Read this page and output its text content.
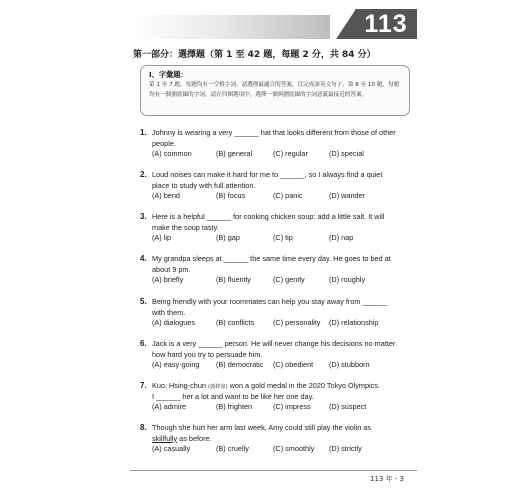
113
第一部分：選擇題（第 1 至 42 題，每題 2 分，共 84 分）
I、字彙題：
第 1 至 7 題，每題均有一空格字詞。請選擇最適合的答案，以完成該英文句子。第 8 至 10 題，每題均有一個劃底線的字詞。請在四個選項中，選擇一個與劃底線的字詞意義最接近的答案。
1. Johnny is wearing a very ______ hat that looks different from those of other
people.
(A) common	(B) general	(C) regular	(D) special
2. Loud noises can make it hard for me to ______, so I always find a quiet
place to study with full attention.
(A) bend	(B) focus	(C) panic	(D) wander
3. Here is a helpful ______ for cooking chicken soup: add a little salt. It will
make the soup tasty.
(A) lip	(B) gap	(C) tip	(D) nap
4. My grandpa sleeps at ______ the same time every day. He goes to bed at
about 9 pm.
(A) briefly	(B) fluently	(C) gently	(D) roughly
5. Being friendly with your roommates can help you stay away from ______
with them.
(A) dialogues	(B) conflicts	(C) personality (D) relationship
6. Jack is a very ______ person. He will never change his decisions no matter
how hard you try to persuade him.
(A) easy-going (B) democratic (C) obedient (D) stubborn
7. Kuo, Hsing-chun (郭婞淳) won a gold medal in the 2020 Tokyo Olympics.
I ______ her a lot and want to be like her one day.
(A) admire	(B) frighten	(C) impress	(D) suspect
8. Though she hurt her arm last week, Amy could still play the violin as
skillfully as before.
(A) casually	(B) cruelly	(C) smoothly (D) strictly
113 年 - 3
